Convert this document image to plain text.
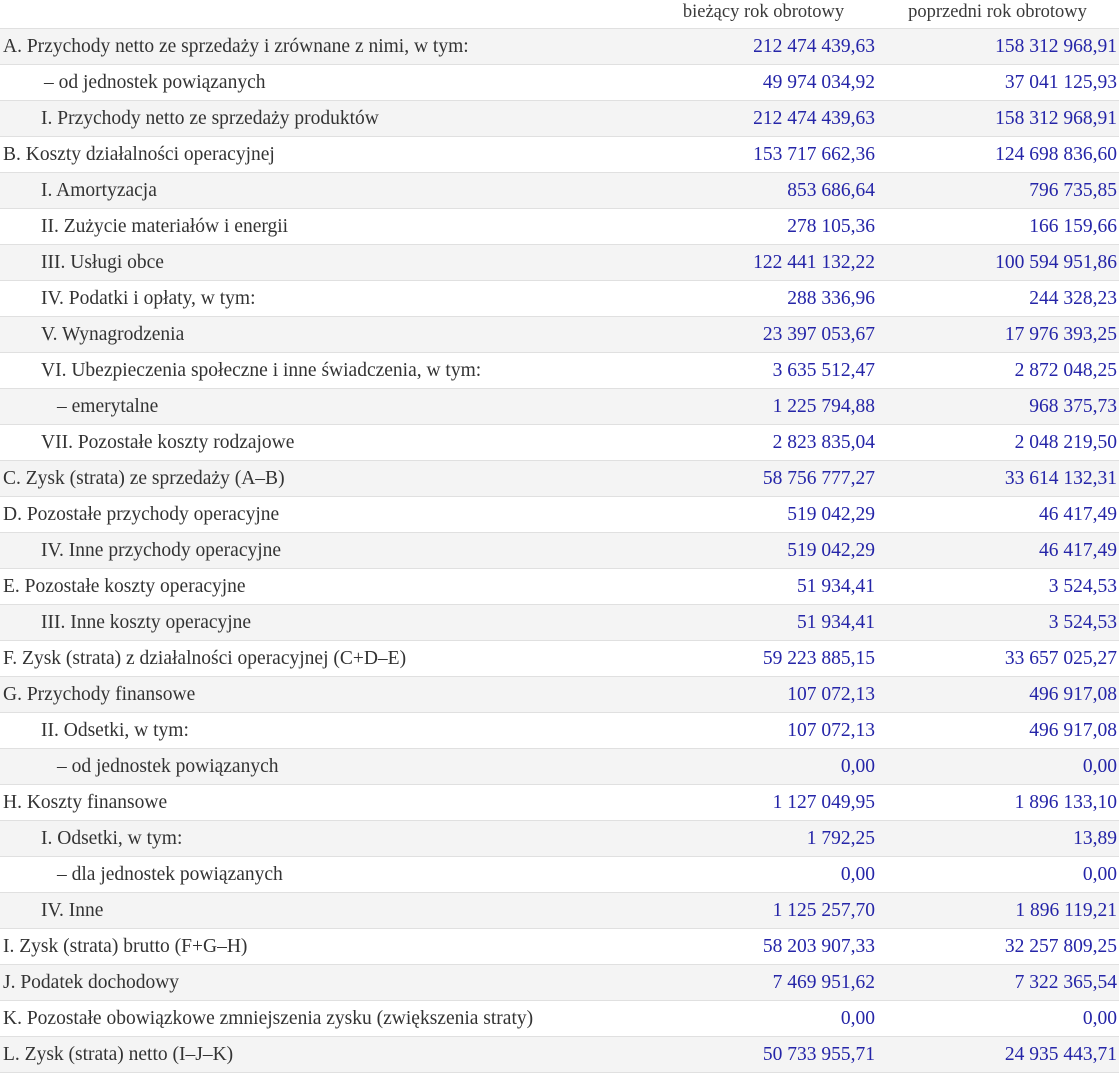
	bieżący rok obrotowy	poprzedni rok obrotowy
A. Przychody netto ze sprzedaży i zrównane z nimi, w tym:	212 474 439,63	158 312 968,91
– od jednostek powiązanych	49 974 034,92	37 041 125,93
I. Przychody netto ze sprzedaży produktów	212 474 439,63	158 312 968,91
B. Koszty działalności operacyjnej	153 717 662,36	124 698 836,60
I. Amortyzacja	853 686,64	796 735,85
II. Zużycie materiałów i energii	278 105,36	166 159,66
III. Usługi obce	122 441 132,22	100 594 951,86
IV. Podatki i opłaty, w tym:	288 336,96	244 328,23
V. Wynagrodzenia	23 397 053,67	17 976 393,25
VI. Ubezpieczenia społeczne i inne świadczenia, w tym:	3 635 512,47	2 872 048,25
– emerytalne	1 225 794,88	968 375,73
VII. Pozostałe koszty rodzajowe	2 823 835,04	2 048 219,50
C. Zysk (strata) ze sprzedaży (A–B)	58 756 777,27	33 614 132,31
D. Pozostałe przychody operacyjne	519 042,29	46 417,49
IV. Inne przychody operacyjne	519 042,29	46 417,49
E. Pozostałe koszty operacyjne	51 934,41	3 524,53
III. Inne koszty operacyjne	51 934,41	3 524,53
F. Zysk (strata) z działalności operacyjnej (C+D–E)	59 223 885,15	33 657 025,27
G. Przychody finansowe	107 072,13	496 917,08
II. Odsetki, w tym:	107 072,13	496 917,08
– od jednostek powiązanych	0,00	0,00
H. Koszty finansowe	1 127 049,95	1 896 133,10
I. Odsetki, w tym:	1 792,25	13,89
– dla jednostek powiązanych	0,00	0,00
IV. Inne	1 125 257,70	1 896 119,21
I. Zysk (strata) brutto (F+G–H)	58 203 907,33	32 257 809,25
J. Podatek dochodowy	7 469 951,62	7 322 365,54
K. Pozostałe obowiązkowe zmniejszenia zysku (zwiększenia straty)	0,00	0,00
L. Zysk (strata) netto (I–J–K)	50 733 955,71	24 935 443,71
